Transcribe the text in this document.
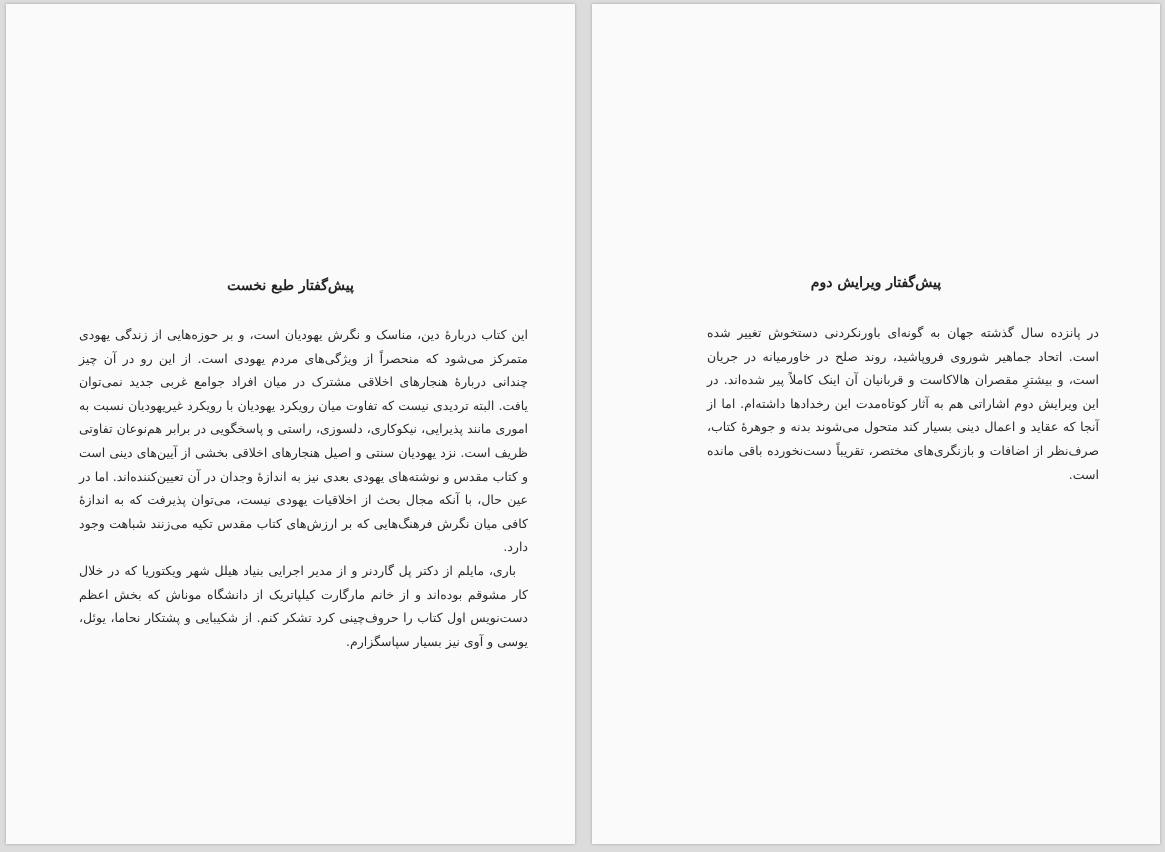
پیش‌گفتار طبع نخست

این کتاب دربارهٔ دین، مناسک و نگرش یهودیان است، و بر حوزه‌هایی از زندگی یهودی متمرکز می‌شود که منحصراً از ویژگی‌های مردم یهودی است. از این رو در آن چیز چندانی دربارهٔ هنجارهای اخلاقی مشترک در میان افراد جوامع غربی جدید نمی‌توان یافت. البته تردیدی نیست که تفاوت میان رویکرد یهودیان با رویکرد غیریهودیان نسبت به اموری مانند پذیرایی، نیکوکاری، دلسوزی، راستی و پاسخگویی در برابر هم‌نوعان تفاوتی ظریف است. نزد یهودیان سنتی و اصیل هنجارهای اخلاقی بخشی از آیین‌های دینی است و کتاب مقدس و نوشته‌های یهودی بعدی نیز به اندازهٔ وجدان در آن تعیین‌کننده‌اند. اما در عین حال، با آنکه مجال بحث از اخلاقیات یهودی نیست، می‌توان پذیرفت که به اندازهٔ کافی میان نگرش فرهنگ‌هایی که بر ارزش‌های کتاب مقدس تکیه می‌زنند شباهت وجود دارد.

باری، مایلم از دکتر پل گاردنر و از مدیر اجرایی بنیاد هیلل شهر ویکتوریا که در خلال کار مشوقم بوده‌اند و از خانم مارگارت کیلپاتریک از دانشگاه موناش که بخش اعظم دست‌نویس اول کتاب را حروف‌چینی کرد تشکر کنم. از شکیبایی و پشتکار نحاما، یوئل، یوسی و آوی نیز بسیار سپاسگزارم.

پیش‌گفتار ویرایش دوم

در پانزده سال گذشته جهان به گونه‌ای باورنکردنی دستخوش تغییر شده است. اتحاد جماهیر شوروی فروپاشید، روند صلح در خاورمیانه در جریان است، و بیشترِ مقصران هالاکاست و قربانیان آن اینک کاملاً پیر شده‌اند. در این ویرایش دوم اشاراتی هم به آثار کوتاه‌مدت این رخدادها داشته‌ام. اما از آنجا که عقاید و اعمال دینی بسیار کند متحول می‌شوند بدنه و جوهرهٔ کتاب، صرف‌نظر از اضافات و بازنگری‌های مختصر، تقریباً دست‌نخورده باقی مانده است.
